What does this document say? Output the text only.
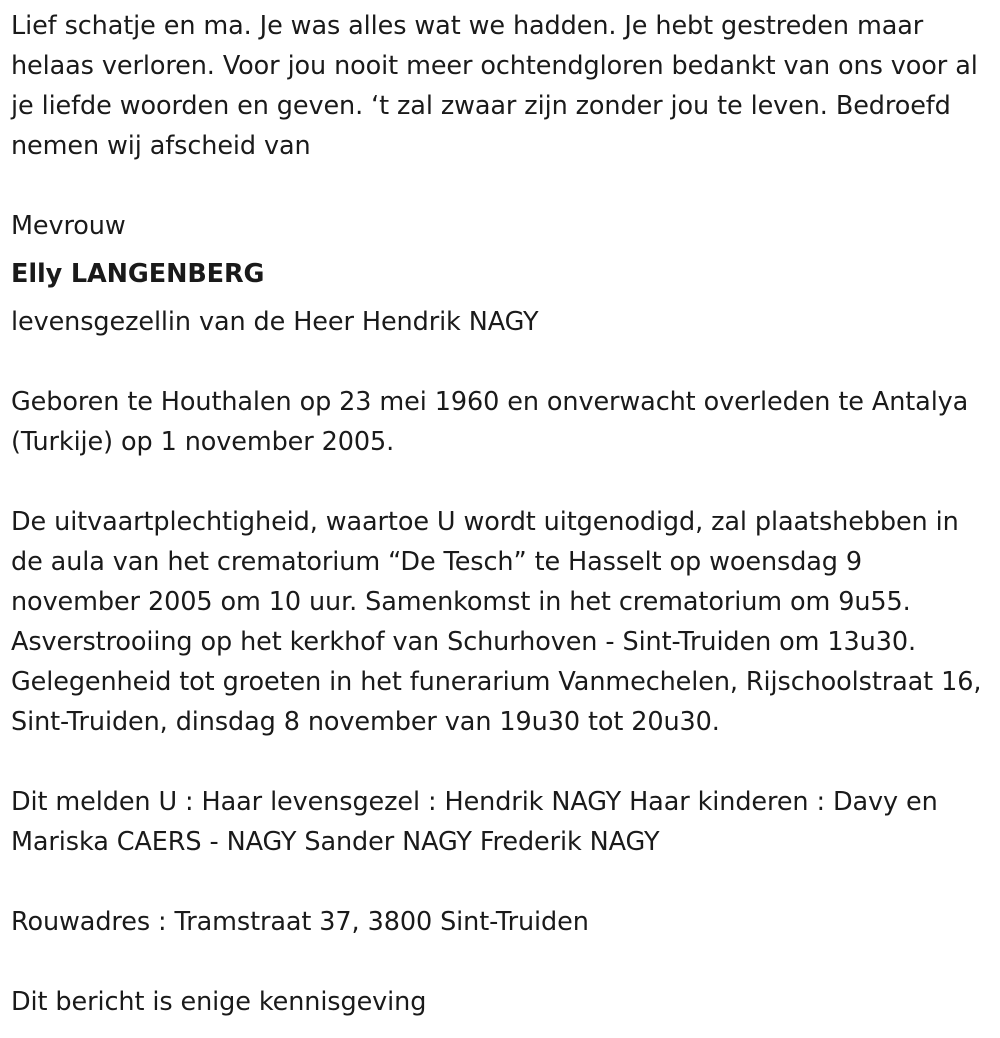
Lief schatje en ma. Je was alles wat we hadden. Je hebt gestreden maar helaas verloren. Voor jou nooit meer ochtendgloren bedankt van ons voor al je liefde woorden en geven. ‘t zal zwaar zijn zonder jou te leven. Bedroefd nemen wij afscheid van

Mevrouw

Elly LANGENBERG

levensgezellin van de Heer Hendrik NAGY

Geboren te Houthalen op 23 mei 1960 en onverwacht overleden te Antalya (Turkije) op 1 november 2005.

De uitvaartplechtigheid, waartoe U wordt uitgenodigd, zal plaatshebben in de aula van het crematorium “De Tesch” te Hasselt op woensdag 9 november 2005 om 10 uur. Samenkomst in het crematorium om 9u55. Asverstrooiing op het kerkhof van Schurhoven - Sint-Truiden om 13u30. Gelegenheid tot groeten in het funerarium Vanmechelen, Rijschoolstraat 16, Sint-Truiden, dinsdag 8 november van 19u30 tot 20u30.

Dit melden U : Haar levensgezel : Hendrik NAGY Haar kinderen : Davy en Mariska CAERS - NAGY Sander NAGY Frederik NAGY

Rouwadres : Tramstraat 37, 3800 Sint-Truiden

Dit bericht is enige kennisgeving
